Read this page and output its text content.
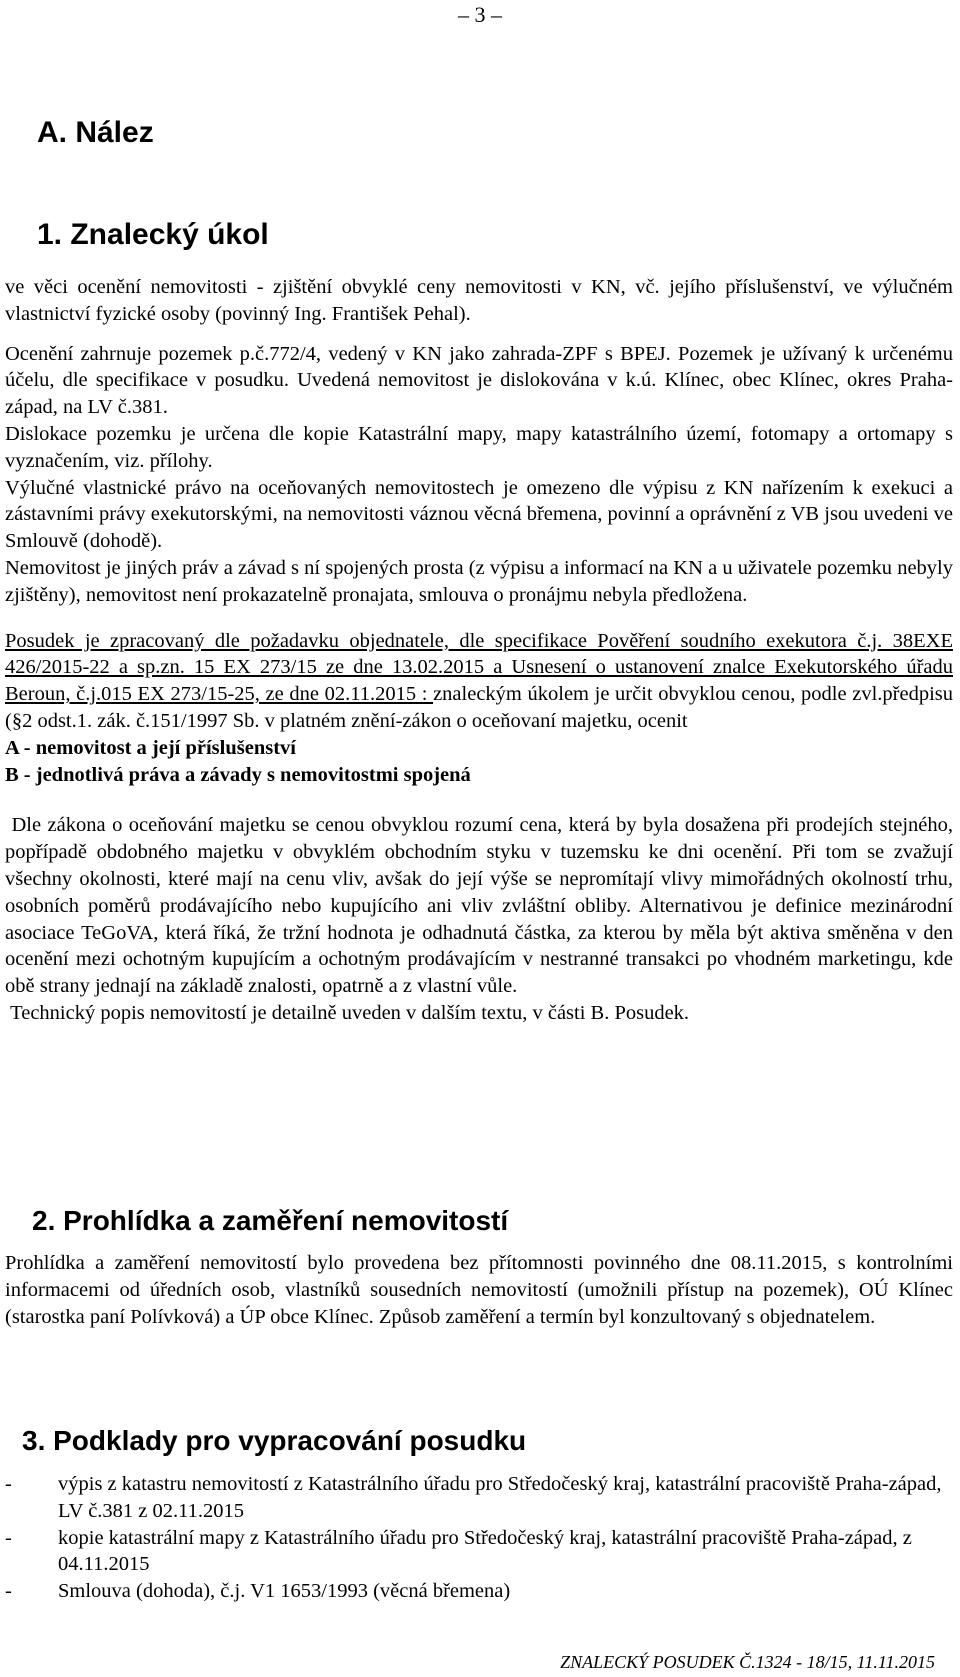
– 3 –
A. Nález
1. Znalecký úkol

ve věci ocenění nemovitosti - zjištění obvyklé ceny nemovitosti v KN, vč. jejího příslušenství, ve výlučném vlastnictví fyzické osoby (povinný Ing. František Pehal).

Ocenění zahrnuje pozemek p.č.772/4, vedený v KN jako zahrada-ZPF s BPEJ. Pozemek je užívaný k určenému účelu, dle specifikace v posudku. Uvedená nemovitost je dislokována v k.ú. Klínec, obec Klínec, okres Praha-západ, na LV č.381.

Dislokace pozemku je určena dle kopie Katastrální mapy, mapy katastrálního území, fotomapy a ortomapy s vyznačením, viz. přílohy.

Výlučné vlastnické právo na oceňovaných nemovitostech je omezeno dle výpisu z KN nařízením k exekuci a zástavními právy exekutorskými, na nemovitosti váznou věcná břemena, povinní a oprávnění z VB jsou uvedeni ve Smlouvě (dohodě).

Nemovitost je jiných práv a závad s ní spojených prosta (z výpisu a informací na KN a u uživatele pozemku nebyly zjištěny), nemovitost není prokazatelně pronajata, smlouva o pronájmu nebyla předložena.

Posudek je zpracovaný dle požadavku objednatele, dle specifikace Pověření soudního exekutora č.j. 38EXE 426/2015-22 a sp.zn. 15 EX 273/15 ze dne 13.02.2015 a Usnesení o ustanovení znalce Exekutorského úřadu Beroun, č.j.015 EX 273/15-25, ze dne 02.11.2015 : znaleckým úkolem je určit obvyklou cenou, podle zvl.předpisu (§2 odst.1. zák. č.151/1997 Sb. v platném znění-zákon o oceňovaní majetku, ocenit

A - nemovitost a její příslušenství

B - jednotlivá práva a závady s nemovitostmi spojená

Dle zákona o oceňování majetku se cenou obvyklou rozumí cena, která by byla dosažena při prodejích stejného, popřípadě obdobného majetku v obvyklém obchodním styku v tuzemsku ke dni ocenění. Při tom se zvažují všechny okolnosti, které mají na cenu vliv, avšak do její výše se nepromítají vlivy mimořádných okolností trhu, osobních poměrů prodávajícího nebo kupujícího ani vliv zvláštní obliby. Alternativou je definice mezinárodní asociace TeGoVA, která říká, že tržní hodnota je odhadnutá částka, za kterou by měla být aktiva směněna v den ocenění mezi ochotným kupujícím a ochotným prodávajícím v nestranné transakci po vhodném marketingu, kde obě strany jednají na základě znalosti, opatrně a z vlastní vůle.

Technický popis nemovitostí je detailně uveden v dalším textu, v části B. Posudek.

2. Prohlídka a zaměření nemovitostí

Prohlídka a zaměření nemovitostí bylo provedena bez přítomnosti povinného dne 08.11.2015, s kontrolními informacemi od úředních osob, vlastníků sousedních nemovitostí (umožnili přístup na pozemek), OÚ Klínec (starostka paní Polívková) a ÚP obce Klínec. Způsob zaměření a termín byl konzultovaný s objednatelem.

3. Podklady pro vypracování posudku
- výpis z katastru nemovitostí z Katastrálního úřadu pro Středočeský kraj, katastrální pracoviště Praha-západ, LV č.381 z 02.11.2015
- kopie katastrální mapy z Katastrálního úřadu pro Středočeský kraj, katastrální pracoviště Praha-západ, z 04.11.2015
- Smlouva (dohoda), č.j. V1 1653/1993 (věcná břemena)
ZNALECKÝ POSUDEK Č.1324 - 18/15, 11.11.2015
